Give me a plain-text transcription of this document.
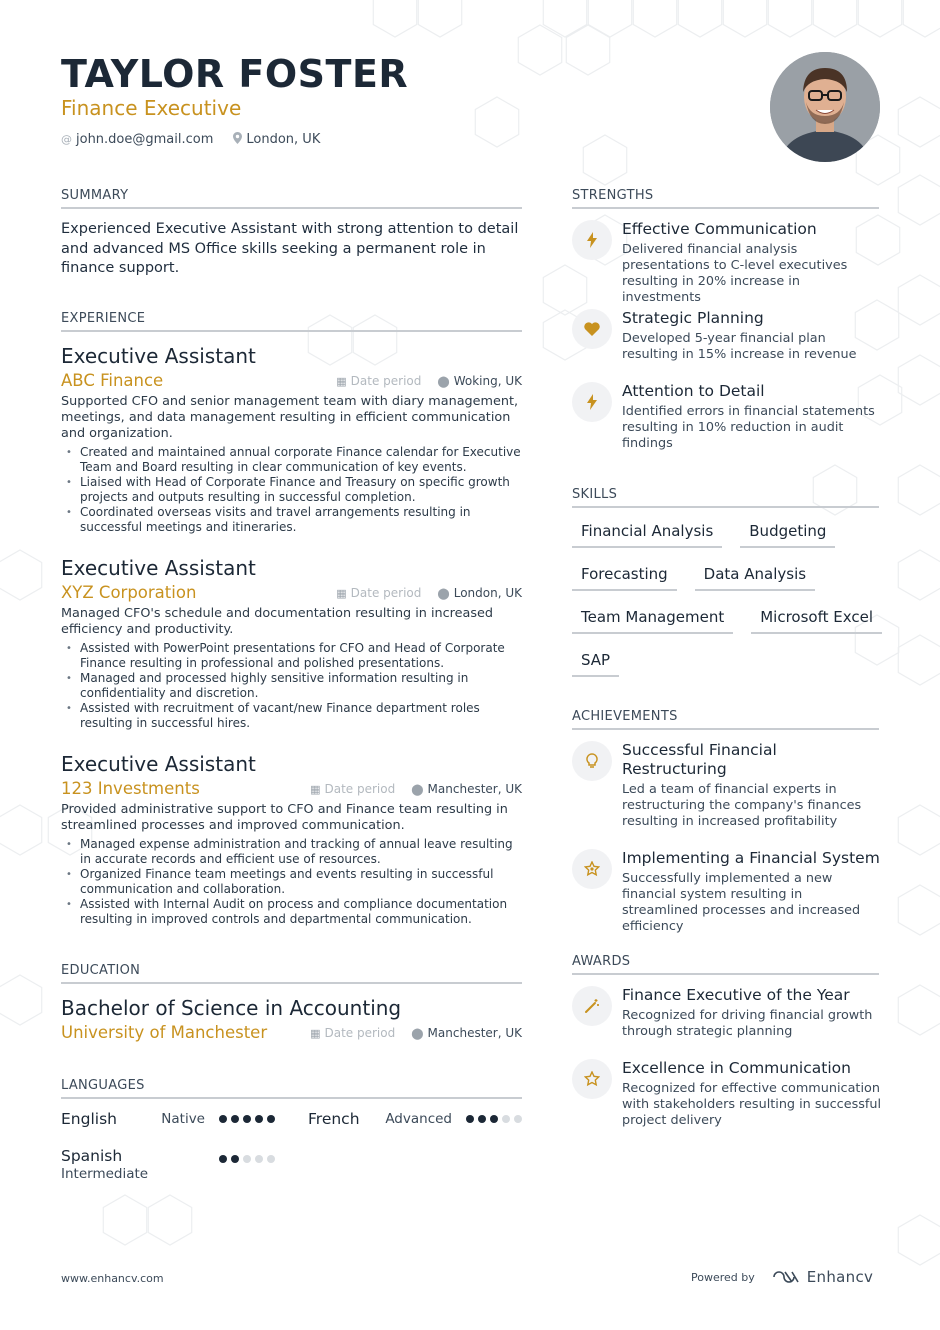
TAYLOR FOSTER
Finance Executive
@ john.doe@gmail.com	London, UK
SUMMARY
Experienced Executive Assistant with strong attention to detail and advanced MS Office skills seeking a permanent role in finance support.
EXPERIENCE
Executive Assistant
ABC Finance	▦ Date period ⬤ Woking, UK
Supported CFO and senior management team with diary management, meetings, and data management resulting in efficient communication and organization.
• Created and maintained annual corporate Finance calendar for Executive Team and Board resulting in clear communication of key events.
• Liaised with Head of Corporate Finance and Treasury on specific growth projects and outputs resulting in successful completion.
• Coordinated overseas visits and travel arrangements resulting in successful meetings and itineraries.
Executive Assistant
XYZ Corporation	▦ Date period ⬤ London, UK
Managed CFO's schedule and documentation resulting in increased efficiency and productivity.
• Assisted with PowerPoint presentations for CFO and Head of Corporate Finance resulting in professional and polished presentations.
• Managed and processed highly sensitive information resulting in confidentiality and discretion.
• Assisted with recruitment of vacant/new Finance department roles resulting in successful hires.
Executive Assistant
123 Investments	▦ Date period ⬤ Manchester, UK
Provided administrative support to CFO and Finance team resulting in streamlined processes and improved communication.
• Managed expense administration and tracking of annual leave resulting in accurate records and efficient use of resources.
• Organized Finance team meetings and events resulting in successful communication and collaboration.
• Assisted with Internal Audit on process and compliance documentation resulting in improved controls and departmental communication.
EDUCATION
Bachelor of Science in Accounting
University of Manchester	▦ Date period ⬤ Manchester, UK
LANGUAGES
English	Native	French Advanced
Spanish
Intermediate
STRENGTHS
Effective Communication
Delivered financial analysis presentations to C-level executives resulting in 20% increase in investments
Strategic Planning
Developed 5-year financial plan resulting in 15% increase in revenue
Attention to Detail
Identified errors in financial statements resulting in 10% reduction in audit findings
SKILLS
Financial Analysis	Budgeting
Forecasting	Data Analysis
Team Management	Microsoft Excel
SAP
ACHIEVEMENTS
Successful Financial Restructuring
Led a team of financial experts in restructuring the company's finances resulting in increased profitability
Implementing a Financial System
Successfully implemented a new financial system resulting in streamlined processes and increased efficiency
AWARDS
Finance Executive of the Year
Recognized for driving financial growth through strategic planning
Excellence in Communication
Recognized for effective communication with stakeholders resulting in successful project delivery
www.enhancv.com	Powered by	Enhancv
